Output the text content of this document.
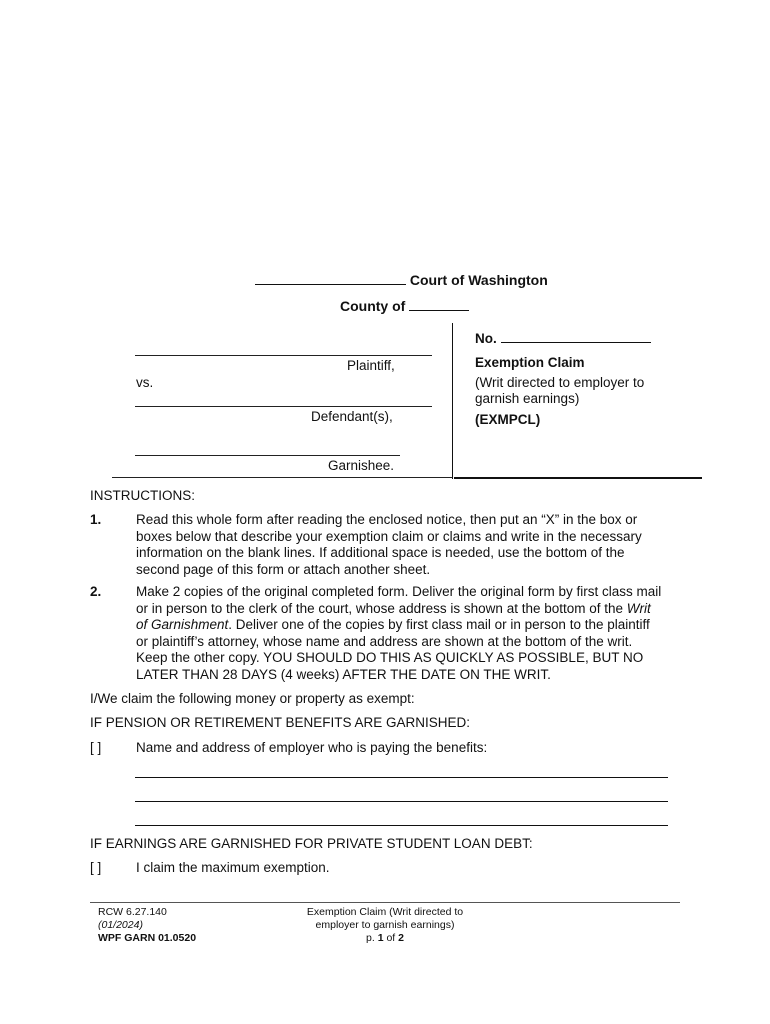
Court of Washington
County of
Plaintiff,
vs.
Defendant(s),
Garnishee.
No.
Exemption Claim
(Writ directed to employer to garnish earnings)
(EXMPCL)
INSTRUCTIONS:
1.	Read this whole form after reading the enclosed notice, then put an “X” in the box or boxes below that describe your exemption claim or claims and write in the necessary information on the blank lines. If additional space is needed, use the bottom of the second page of this form or attach another sheet.
2.	Make 2 copies of the original completed form. Deliver the original form by first class mail or in person to the clerk of the court, whose address is shown at the bottom of the Writ of Garnishment. Deliver one of the copies by first class mail or in person to the plaintiff or plaintiff’s attorney, whose name and address are shown at the bottom of the writ. Keep the other copy. YOU SHOULD DO THIS AS QUICKLY AS POSSIBLE, BUT NO LATER THAN 28 DAYS (4 weeks) AFTER THE DATE ON THE WRIT.
I/We claim the following money or property as exempt:
IF PENSION OR RETIREMENT BENEFITS ARE GARNISHED:
[ ]	Name and address of employer who is paying the benefits:
IF EARNINGS ARE GARNISHED FOR PRIVATE STUDENT LOAN DEBT:
[ ]	I claim the maximum exemption.
RCW 6.27.140
(01/2024)
WPF GARN 01.0520
Exemption Claim (Writ directed to
employer to garnish earnings)
p. 1 of 2
